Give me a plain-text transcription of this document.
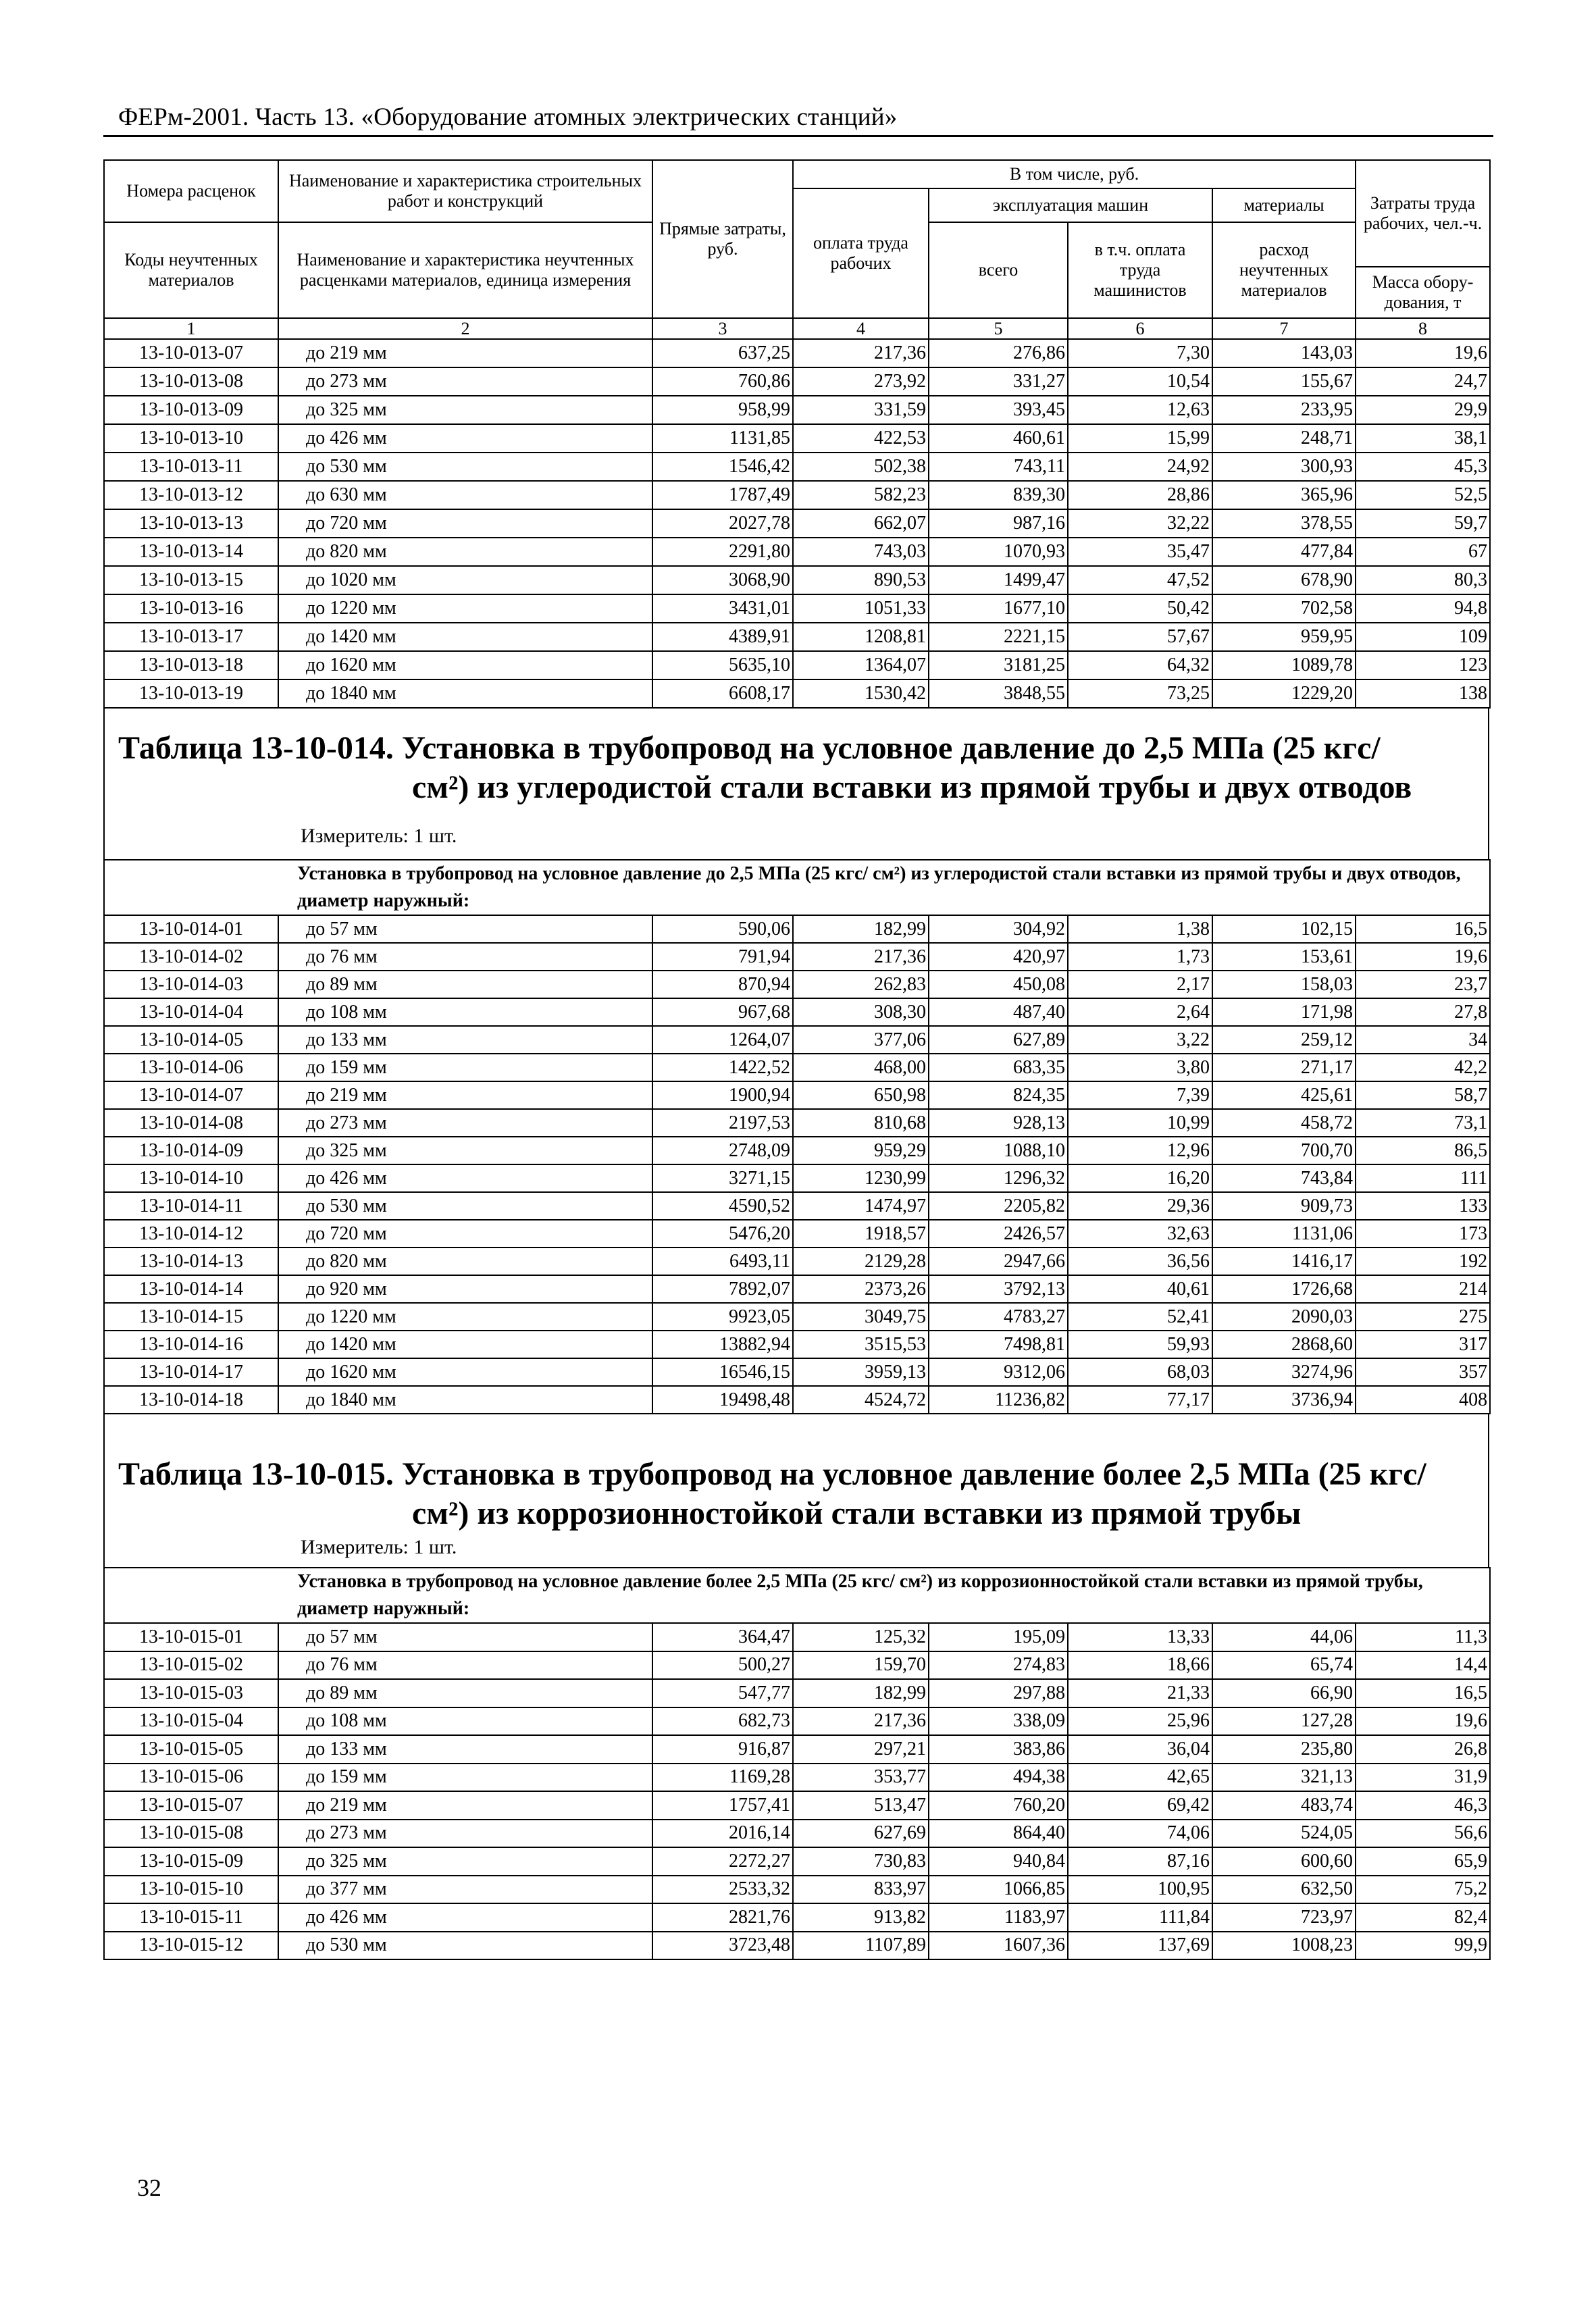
ФЕРм-2001. Часть 13. «Оборудование атомных электрических станций»
Номера расценок	Наименование и характеристика строительных работ и конструкций	Прямые затраты, руб.	В том числе, руб.				Затраты труда рабочих, чел.-ч.
			оплата труда рабочих	эксплуатация машин		материалы	
Коды неучтенных материалов	Наименование и характеристика неучтенных расценками материалов, единица измерения			всего	в т.ч. оплата труда машинистов	расход неучтенных материалов	
							Масса обору-дования, т
1	2	3	4	5	6	7	8
13-10-013-07	до 219 мм	637,25	217,36	276,86	7,30	143,03	19,6
13-10-013-08	до 273 мм	760,86	273,92	331,27	10,54	155,67	24,7
13-10-013-09	до 325 мм	958,99	331,59	393,45	12,63	233,95	29,9
13-10-013-10	до 426 мм	1131,85	422,53	460,61	15,99	248,71	38,1
13-10-013-11	до 530 мм	1546,42	502,38	743,11	24,92	300,93	45,3
13-10-013-12	до 630 мм	1787,49	582,23	839,30	28,86	365,96	52,5
13-10-013-13	до 720 мм	2027,78	662,07	987,16	32,22	378,55	59,7
13-10-013-14	до 820 мм	2291,80	743,03	1070,93	35,47	477,84	67
13-10-013-15	до 1020 мм	3068,90	890,53	1499,47	47,52	678,90	80,3
13-10-013-16	до 1220 мм	3431,01	1051,33	1677,10	50,42	702,58	94,8
13-10-013-17	до 1420 мм	4389,91	1208,81	2221,15	57,67	959,95	109
13-10-013-18	до 1620 мм	5635,10	1364,07	3181,25	64,32	1089,78	123
13-10-013-19	до 1840 мм	6608,17	1530,42	3848,55	73,25	1229,20	138
Таблица 13-10-014. Установка в трубопровод на условное давление до 2,5 МПа (25 кгс/
см²) из углеродистой стали вставки из прямой трубы и двух отводов
Измеритель: 1 шт.
Установка в трубопровод на условное давление до 2,5 МПа (25 кгс/ см²) из углеродистой стали вставки из прямой трубы и двух отводов, диаметр наружный:							
13-10-014-01	до 57 мм	590,06	182,99	304,92	1,38	102,15	16,5
13-10-014-02	до 76 мм	791,94	217,36	420,97	1,73	153,61	19,6
13-10-014-03	до 89 мм	870,94	262,83	450,08	2,17	158,03	23,7
13-10-014-04	до 108 мм	967,68	308,30	487,40	2,64	171,98	27,8
13-10-014-05	до 133 мм	1264,07	377,06	627,89	3,22	259,12	34
13-10-014-06	до 159 мм	1422,52	468,00	683,35	3,80	271,17	42,2
13-10-014-07	до 219 мм	1900,94	650,98	824,35	7,39	425,61	58,7
13-10-014-08	до 273 мм	2197,53	810,68	928,13	10,99	458,72	73,1
13-10-014-09	до 325 мм	2748,09	959,29	1088,10	12,96	700,70	86,5
13-10-014-10	до 426 мм	3271,15	1230,99	1296,32	16,20	743,84	111
13-10-014-11	до 530 мм	4590,52	1474,97	2205,82	29,36	909,73	133
13-10-014-12	до 720 мм	5476,20	1918,57	2426,57	32,63	1131,06	173
13-10-014-13	до 820 мм	6493,11	2129,28	2947,66	36,56	1416,17	192
13-10-014-14	до 920 мм	7892,07	2373,26	3792,13	40,61	1726,68	214
13-10-014-15	до 1220 мм	9923,05	3049,75	4783,27	52,41	2090,03	275
13-10-014-16	до 1420 мм	13882,94	3515,53	7498,81	59,93	2868,60	317
13-10-014-17	до 1620 мм	16546,15	3959,13	9312,06	68,03	3274,96	357
13-10-014-18	до 1840 мм	19498,48	4524,72	11236,82	77,17	3736,94	408
Таблица 13-10-015. Установка в трубопровод на условное давление более 2,5 МПа (25 кгс/
см²) из коррозионностойкой стали вставки из прямой трубы
Измеритель: 1 шт.
Установка в трубопровод на условное давление более 2,5 МПа (25 кгс/ см²) из коррозионностойкой стали вставки из прямой трубы, диаметр наружный:							
13-10-015-01	до 57 мм	364,47	125,32	195,09	13,33	44,06	11,3
13-10-015-02	до 76 мм	500,27	159,70	274,83	18,66	65,74	14,4
13-10-015-03	до 89 мм	547,77	182,99	297,88	21,33	66,90	16,5
13-10-015-04	до 108 мм	682,73	217,36	338,09	25,96	127,28	19,6
13-10-015-05	до 133 мм	916,87	297,21	383,86	36,04	235,80	26,8
13-10-015-06	до 159 мм	1169,28	353,77	494,38	42,65	321,13	31,9
13-10-015-07	до 219 мм	1757,41	513,47	760,20	69,42	483,74	46,3
13-10-015-08	до 273 мм	2016,14	627,69	864,40	74,06	524,05	56,6
13-10-015-09	до 325 мм	2272,27	730,83	940,84	87,16	600,60	65,9
13-10-015-10	до 377 мм	2533,32	833,97	1066,85	100,95	632,50	75,2
13-10-015-11	до 426 мм	2821,76	913,82	1183,97	111,84	723,97	82,4
13-10-015-12	до 530 мм	3723,48	1107,89	1607,36	137,69	1008,23	99,9
32
